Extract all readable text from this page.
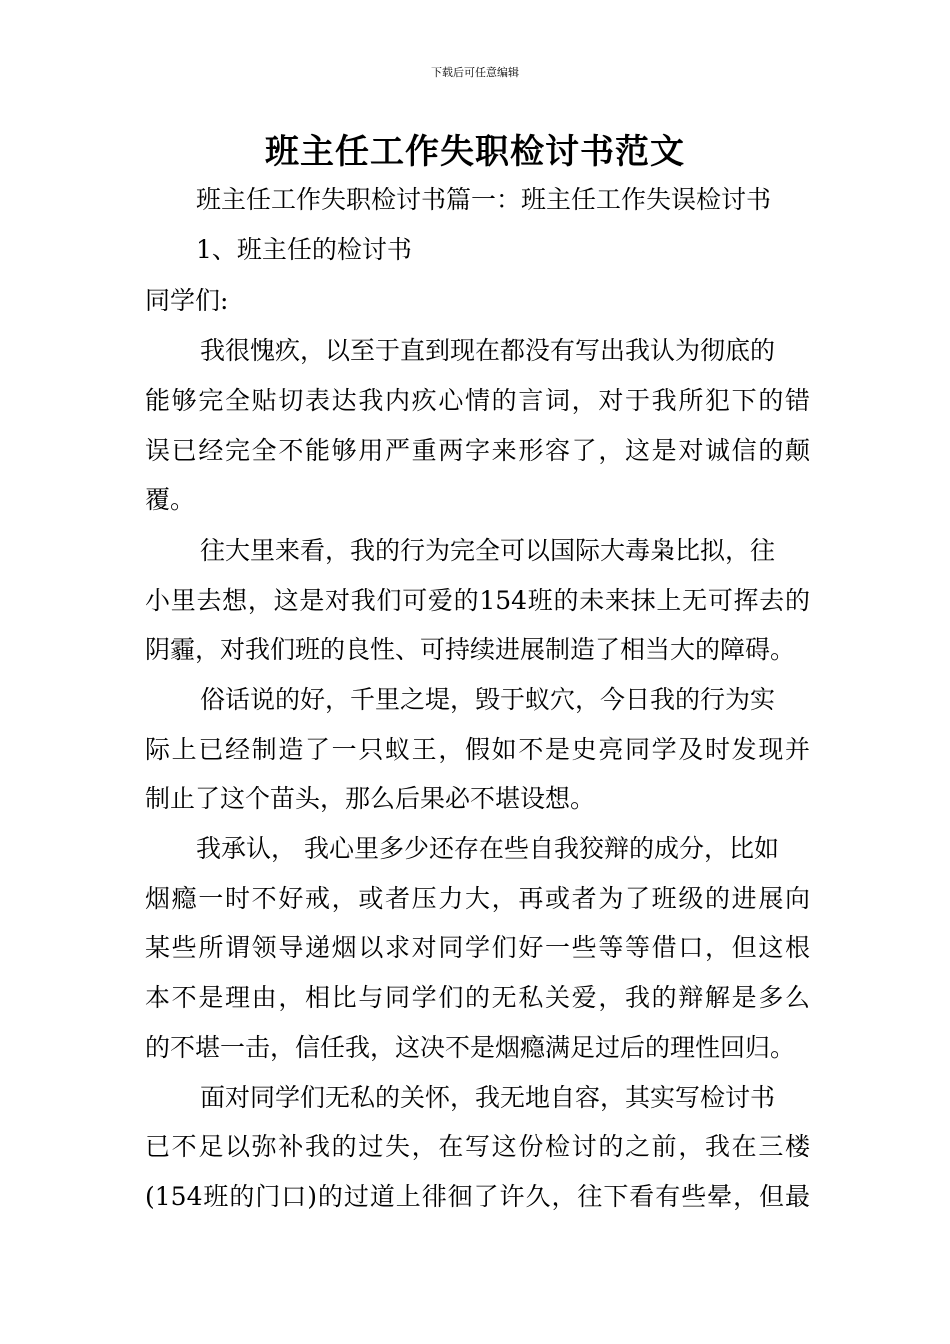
下载后可任意编辑
班主任工作失职检讨书范文
班主任工作失职检讨书篇一：班主任工作失误检讨书
1、班主任的检讨书
同学们:
我很愧疚，以至于直到现在都没有写出我认为彻底的
能够完全贴切表达我内疚心情的言词，对于我所犯下的错
误已经完全不能够用严重两字来形容了，这是对诚信的颠
覆。
往大里来看，我的行为完全可以国际大毒枭比拟，往
小里去想，这是对我们可爱的154班的未来抹上无可挥去的
阴霾，对我们班的良性、可持续进展制造了相当大的障碍。
俗话说的好，千里之堤，毁于蚁穴，今日我的行为实
际上已经制造了一只蚁王，假如不是史亮同学及时发现并
制止了这个苗头，那么后果必不堪设想。
我承认， 我心里多少还存在些自我狡辩的成分，比如
烟瘾一时不好戒，或者压力大，再或者为了班级的进展向
某些所谓领导递烟以求对同学们好一些等等借口，但这根
本不是理由，相比与同学们的无私关爱，我的辩解是多么
的不堪一击，信任我，这决不是烟瘾满足过后的理性回归。
面对同学们无私的关怀，我无地自容，其实写检讨书
已不足以弥补我的过失，在写这份检讨的之前，我在三楼
(154班的门口)的过道上徘徊了许久，往下看有些晕，但最
